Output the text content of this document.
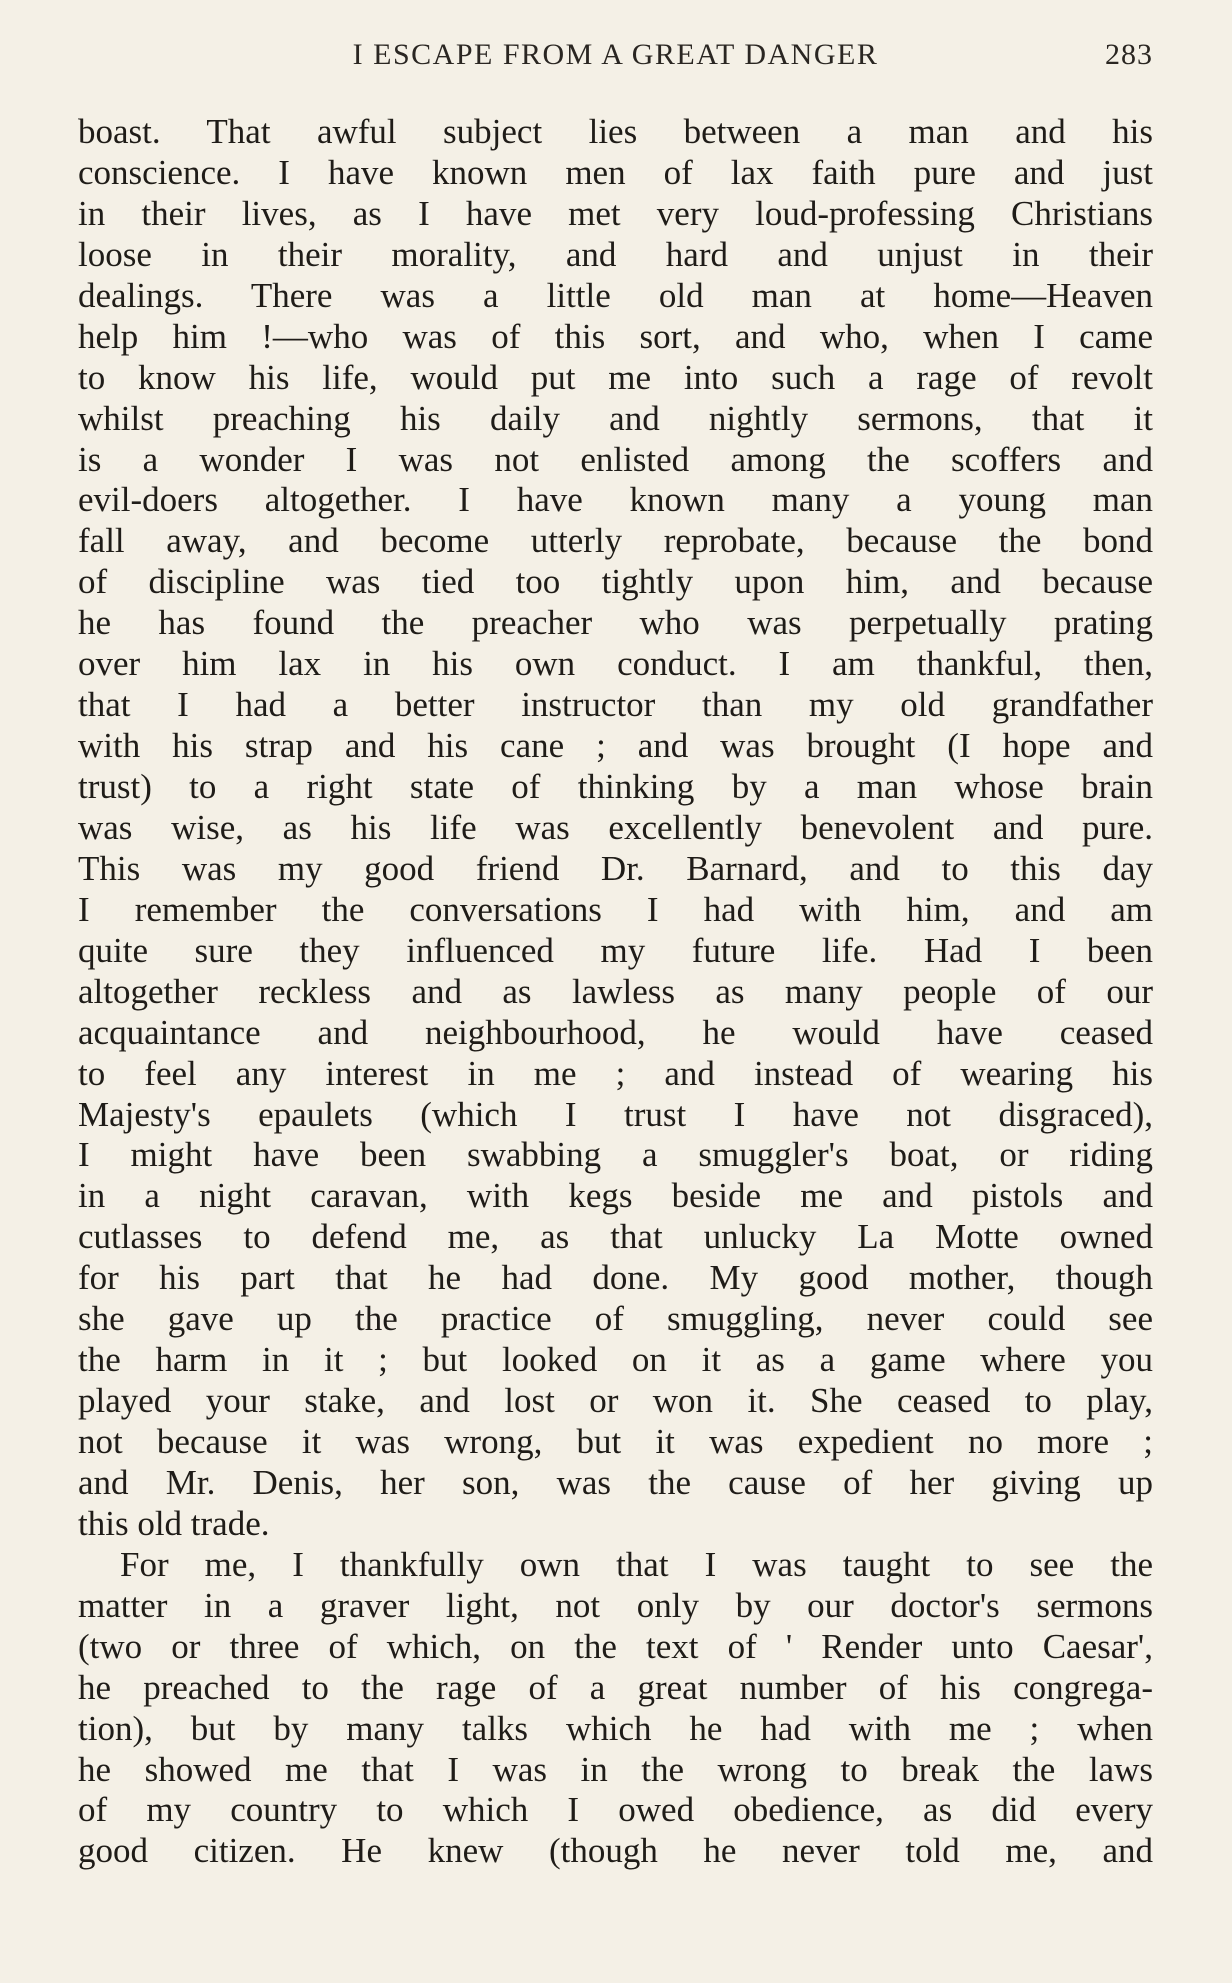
I ESCAPE FROM A GREAT DANGER	283
boast. That awful subject lies between a man and his
conscience. I have known men of lax faith pure and just
in their lives, as I have met very loud-professing Christians
loose in their morality, and hard and unjust in their
dealings. There was a little old man at home—Heaven
help him !—who was of this sort, and who, when I came
to know his life, would put me into such a rage of revolt
whilst preaching his daily and nightly sermons, that it
is a wonder I was not enlisted among the scoffers and
evil-doers altogether. I have known many a young man
fall away, and become utterly reprobate, because the bond
of discipline was tied too tightly upon him, and because
he has found the preacher who was perpetually prating
over him lax in his own conduct. I am thankful, then,
that I had a better instructor than my old grandfather
with his strap and his cane ; and was brought (I hope and
trust) to a right state of thinking by a man whose brain
was wise, as his life was excellently benevolent and pure.
This was my good friend Dr. Barnard, and to this day
I remember the conversations I had with him, and am
quite sure they influenced my future life. Had I been
altogether reckless and as lawless as many people of our
acquaintance and neighbourhood, he would have ceased
to feel any interest in me ; and instead of wearing his
Majesty's epaulets (which I trust I have not disgraced),
I might have been swabbing a smuggler's boat, or riding
in a night caravan, with kegs beside me and pistols and
cutlasses to defend me, as that unlucky La Motte owned
for his part that he had done. My good mother, though
she gave up the practice of smuggling, never could see
the harm in it ; but looked on it as a game where you
played your stake, and lost or won it. She ceased to play,
not because it was wrong, but it was expedient no more ;
and Mr. Denis, her son, was the cause of her giving up
this old trade.
For me, I thankfully own that I was taught to see the
matter in a graver light, not only by our doctor's sermons
(two or three of which, on the text of ' Render unto Caesar',
he preached to the rage of a great number of his congrega-
tion), but by many talks which he had with me ; when
he showed me that I was in the wrong to break the laws
of my country to which I owed obedience, as did every
good citizen. He knew (though he never told me, and
